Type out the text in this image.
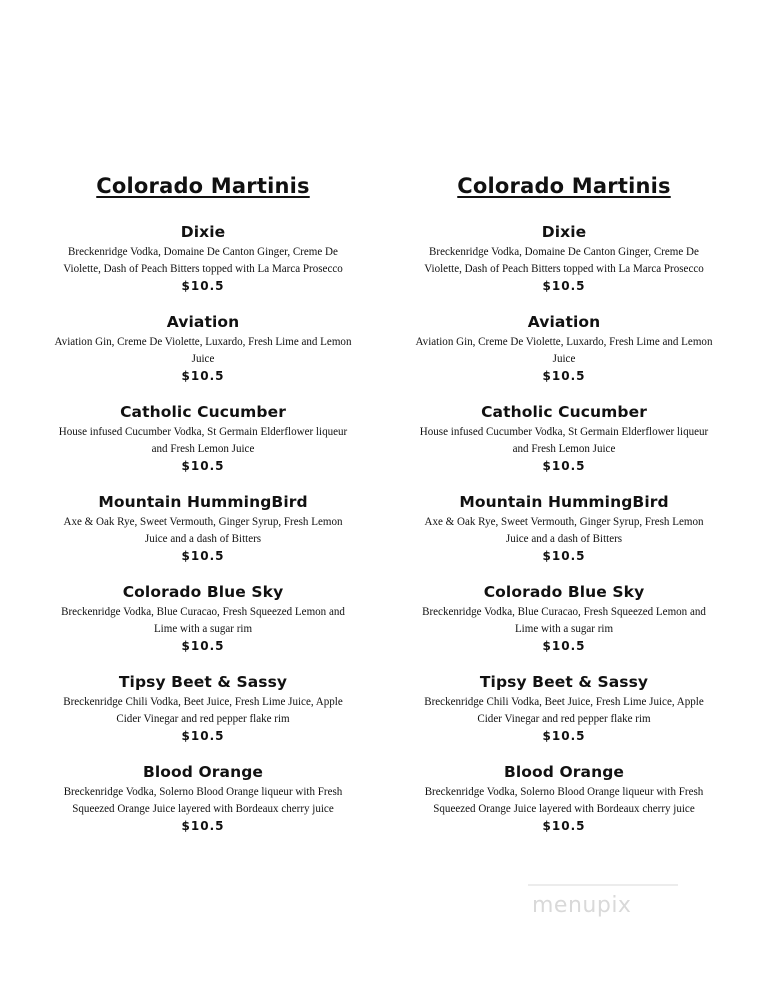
Colorado Martinis
Dixie
Breckenridge Vodka, Domaine De Canton Ginger, Creme De Violette, Dash of Peach Bitters topped with La Marca Prosecco
$10.5
Aviation
Aviation Gin, Creme De Violette, Luxardo, Fresh Lime and Lemon Juice
$10.5
Catholic Cucumber
House infused Cucumber Vodka, St Germain Elderflower liqueur and Fresh Lemon Juice
$10.5
Mountain HummingBird
Axe & Oak Rye, Sweet Vermouth, Ginger Syrup, Fresh Lemon Juice and a dash of Bitters
$10.5
Colorado Blue Sky
Breckenridge Vodka, Blue Curacao, Fresh Squeezed Lemon and Lime with a sugar rim
$10.5
Tipsy Beet & Sassy
Breckenridge Chili Vodka, Beet Juice, Fresh Lime Juice, Apple Cider Vinegar and red pepper flake rim
$10.5
Blood Orange
Breckenridge Vodka, Solerno Blood Orange liqueur with Fresh Squeezed Orange Juice layered with Bordeaux cherry juice
$10.5
Colorado Martinis
Dixie
Breckenridge Vodka, Domaine De Canton Ginger, Creme De Violette, Dash of Peach Bitters topped with La Marca Prosecco
$10.5
Aviation
Aviation Gin, Creme De Violette, Luxardo, Fresh Lime and Lemon Juice
$10.5
Catholic Cucumber
House infused Cucumber Vodka, St Germain Elderflower liqueur and Fresh Lemon Juice
$10.5
Mountain HummingBird
Axe & Oak Rye, Sweet Vermouth, Ginger Syrup, Fresh Lemon Juice and a dash of Bitters
$10.5
Colorado Blue Sky
Breckenridge Vodka, Blue Curacao, Fresh Squeezed Lemon and Lime with a sugar rim
$10.5
Tipsy Beet & Sassy
Breckenridge Chili Vodka, Beet Juice, Fresh Lime Juice, Apple Cider Vinegar and red pepper flake rim
$10.5
Blood Orange
Breckenridge Vodka, Solerno Blood Orange liqueur with Fresh Squeezed Orange Juice layered with Bordeaux cherry juice
$10.5
menupix
